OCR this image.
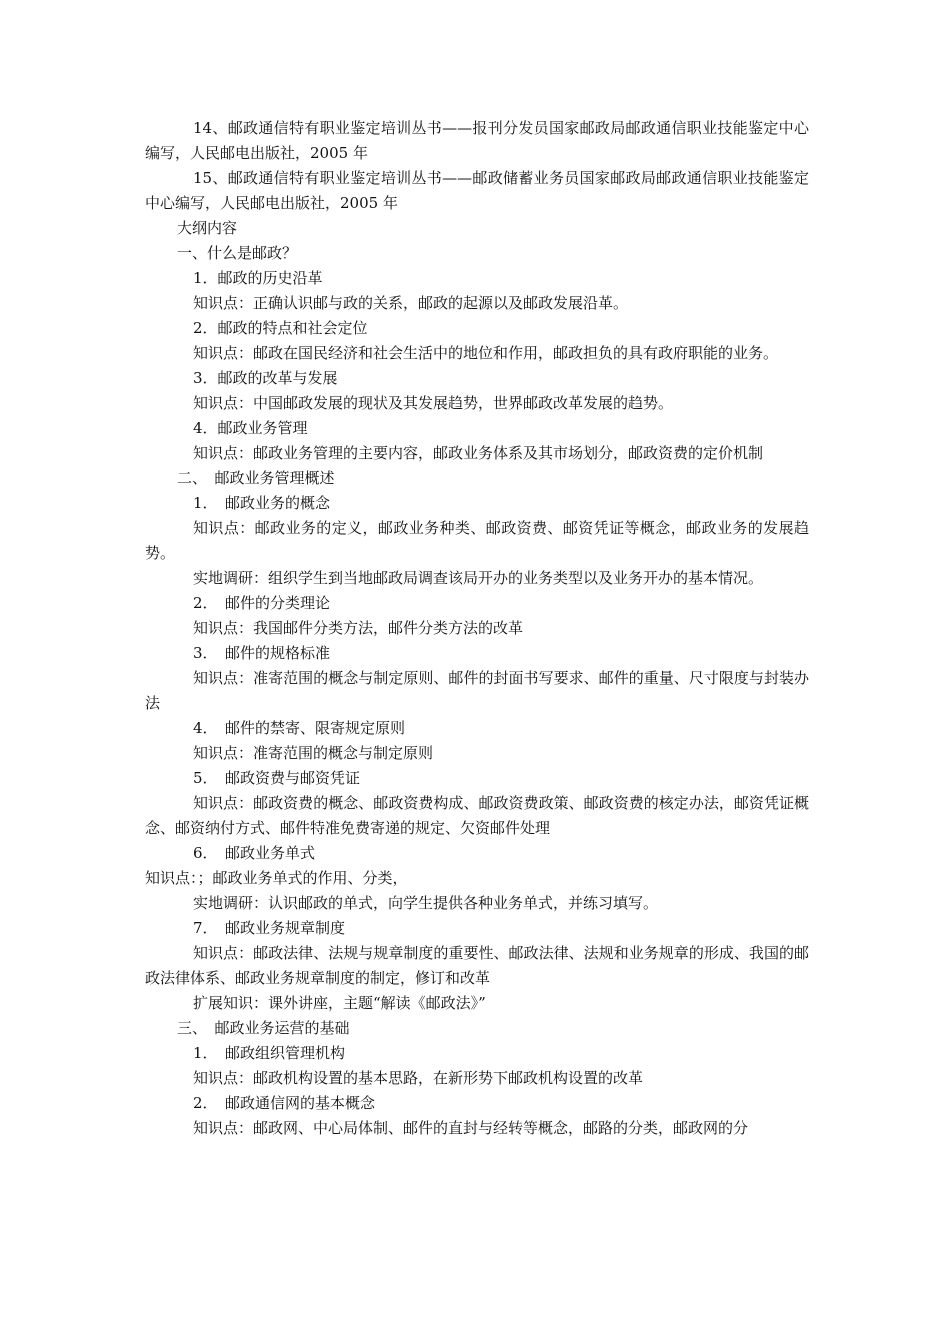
14、邮政通信特有职业鉴定培训丛书——报刊分发员国家邮政局邮政通信职业技能鉴定中心编写，人民邮电出版社，2005 年

15、邮政通信特有职业鉴定培训丛书——邮政储蓄业务员国家邮政局邮政通信职业技能鉴定中心编写，人民邮电出版社，2005 年

大纲内容

一、什么是邮政？

1．邮政的历史沿革

知识点：正确认识邮与政的关系，邮政的起源以及邮政发展沿革。

2．邮政的特点和社会定位

知识点：邮政在国民经济和社会生活中的地位和作用，邮政担负的具有政府职能的业务。

3．邮政的改革与发展

知识点：中国邮政发展的现状及其发展趋势，世界邮政改革发展的趋势。

4．邮政业务管理

知识点：邮政业务管理的主要内容，邮政业务体系及其市场划分，邮政资费的定价机制

二、　邮政业务管理概述

1．　邮政业务的概念

知识点：邮政业务的定义，邮政业务种类、邮政资费、邮资凭证等概念，邮政业务的发展趋势。

实地调研：组织学生到当地邮政局调查该局开办的业务类型以及业务开办的基本情况。

2．　邮件的分类理论

知识点：我国邮件分类方法，邮件分类方法的改革

3．　邮件的规格标准

知识点：准寄范围的概念与制定原则、邮件的封面书写要求、邮件的重量、尺寸限度与封装办法

4．　邮件的禁寄、限寄规定原则

知识点：准寄范围的概念与制定原则

5．　邮政资费与邮资凭证

知识点：邮政资费的概念、邮政资费构成、邮政资费政策、邮政资费的核定办法，邮资凭证概念、邮资纳付方式、邮件特准免费寄递的规定、欠资邮件处理

6．　邮政业务单式

知识点：；邮政业务单式的作用、分类，

实地调研：认识邮政的单式，向学生提供各种业务单式，并练习填写。

7．　邮政业务规章制度

知识点：邮政法律、法规与规章制度的重要性、邮政法律、法规和业务规章的形成、我国的邮政法律体系、邮政业务规章制度的制定，修订和改革

扩展知识：课外讲座，主题“解读《邮政法》”

三、　邮政业务运营的基础

1．　邮政组织管理机构

知识点：邮政机构设置的基本思路，在新形势下邮政机构设置的改革

2．　邮政通信网的基本概念

知识点：邮政网、中心局体制、邮件的直封与经转等概念，邮路的分类，邮政网的分
